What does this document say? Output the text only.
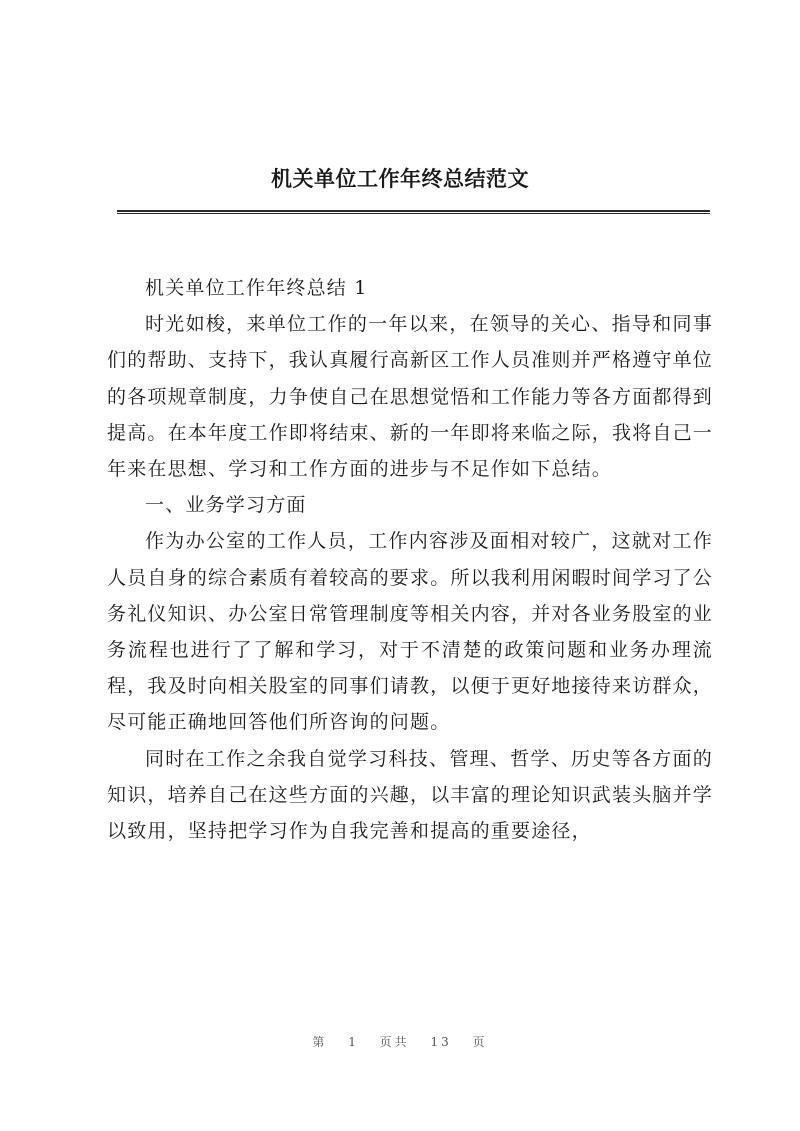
机关单位工作年终总结范文

机关单位工作年终总结 1

时光如梭，来单位工作的一年以来，在领导的关心、指导和同事们的帮助、支持下，我认真履行高新区工作人员准则并严格遵守单位的各项规章制度，力争使自己在思想觉悟和工作能力等各方面都得到提高。在本年度工作即将结束、新的一年即将来临之际，我将自己一年来在思想、学习和工作方面的进步与不足作如下总结。

一、业务学习方面

作为办公室的工作人员，工作内容涉及面相对较广，这就对工作人员自身的综合素质有着较高的要求。所以我利用闲暇时间学习了公务礼仪知识、办公室日常管理制度等相关内容，并对各业务股室的业务流程也进行了了解和学习，对于不清楚的政策问题和业务办理流程，我及时向相关股室的同事们请教，以便于更好地接待来访群众，尽可能正确地回答他们所咨询的问题。

同时在工作之余我自觉学习科技、管理、哲学、历史等各方面的知识，培养自己在这些方面的兴趣，以丰富的理论知识武装头脑并学以致用，坚持把学习作为自我完善和提高的重要途径，

第 1 页共 13 页
